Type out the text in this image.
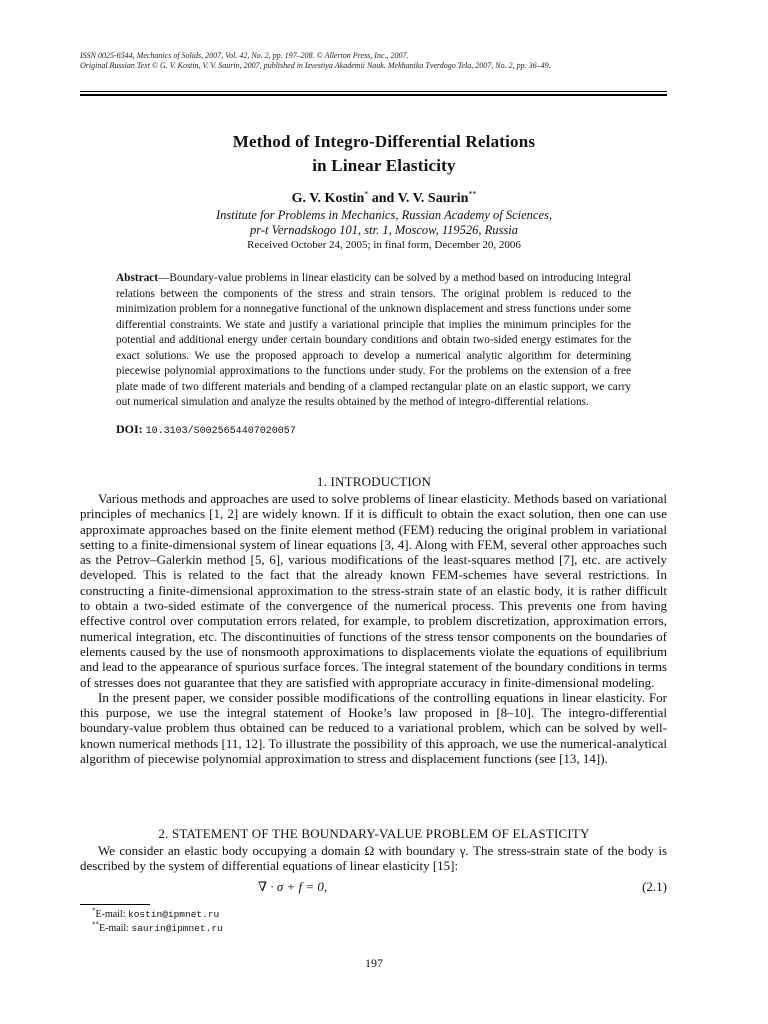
ISSN 0025-6544, Mechanics of Solids, 2007, Vol. 42, No. 2, pp. 197–208. © Allerton Press, Inc., 2007.
Original Russian Text © G. V. Kostin, V. V. Saurin, 2007, published in Izvestiya Akademii Nauk. Mekhanika Tverdogo Tela, 2007, No. 2, pp. 36–49.
Method of Integro-Differential Relations
in Linear Elasticity
G. V. Kostin* and V. V. Saurin**
Institute for Problems in Mechanics, Russian Academy of Sciences,
pr-t Vernadskogo 101, str. 1, Moscow, 119526, Russia
Received October 24, 2005; in final form, December 20, 2006
Abstract—Boundary-value problems in linear elasticity can be solved by a method based on introducing integral relations between the components of the stress and strain tensors. The original problem is reduced to the minimization problem for a nonnegative functional of the unknown displacement and stress functions under some differential constraints. We state and justify a variational principle that implies the minimum principles for the potential and additional energy under certain boundary conditions and obtain two-sided energy estimates for the exact solutions. We use the proposed approach to develop a numerical analytic algorithm for determining piecewise polynomial approximations to the functions under study. For the problems on the extension of a free plate made of two different materials and bending of a clamped rectangular plate on an elastic support, we carry out numerical simulation and analyze the results obtained by the method of integro-differential relations.
DOI: 10.3103/S0025654407020057
1. INTRODUCTION

Various methods and approaches are used to solve problems of linear elasticity. Methods based on variational principles of mechanics [1, 2] are widely known. If it is difficult to obtain the exact solution, then one can use approximate approaches based on the finite element method (FEM) reducing the original problem in variational setting to a finite-dimensional system of linear equations [3, 4]. Along with FEM, several other approaches such as the Petrov–Galerkin method [5, 6], various modifications of the least-squares method [7], etc. are actively developed. This is related to the fact that the already known FEM-schemes have several restrictions. In constructing a finite-dimensional approximation to the stress-strain state of an elastic body, it is rather difficult to obtain a two-sided estimate of the convergence of the numerical process. This prevents one from having effective control over computation errors related, for example, to problem discretization, approximation errors, numerical integration, etc. The discontinuities of functions of the stress tensor components on the boundaries of elements caused by the use of nonsmooth approximations to displacements violate the equations of equilibrium and lead to the appearance of spurious surface forces. The integral statement of the boundary conditions in terms of stresses does not guarantee that they are satisfied with appropriate accuracy in finite-dimensional modeling.

In the present paper, we consider possible modifications of the controlling equations in linear elasticity. For this purpose, we use the integral statement of Hooke’s law proposed in [8–10]. The integro-differential boundary-value problem thus obtained can be reduced to a variational problem, which can be solved by well-known numerical methods [11, 12]. To illustrate the possibility of this approach, we use the numerical-analytical algorithm of piecewise polynomial approximation to stress and displacement functions (see [13, 14]).

2. STATEMENT OF THE BOUNDARY-VALUE PROBLEM OF ELASTICITY

We consider an elastic body occupying a domain Ω with boundary γ. The stress-strain state of the body is described by the system of differential equations of linear elasticity [15]:

∇ · σ + f = 0,	(2.1)
*E-mail: kostin@ipmnet.ru
**E-mail: saurin@ipmnet.ru
197
